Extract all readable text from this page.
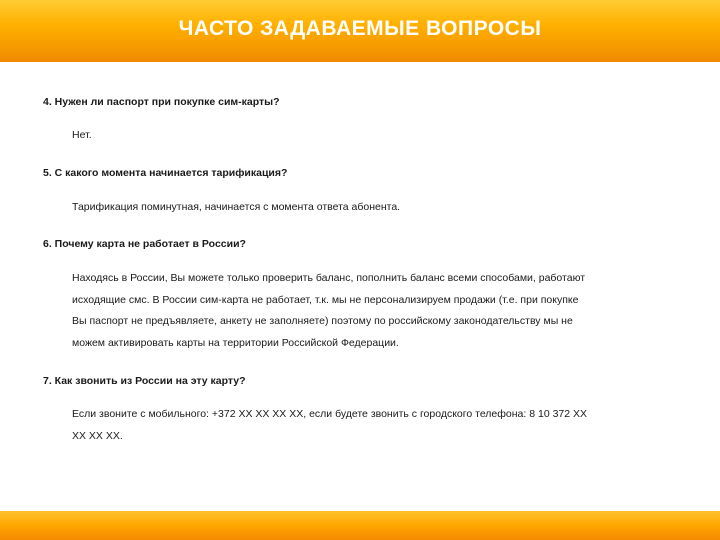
ЧАСТО ЗАДАВАЕМЫЕ ВОПРОСЫ
4. Нужен ли паспорт при покупке сим-карты?
Нет.
5. С какого момента начинается тарификация?
Тарификация поминутная, начинается с момента ответа абонента.
6. Почему карта не работает в России?
Находясь в России, Вы можете только проверить баланс, пополнить баланс всеми способами, работают
исходящие смс. В России сим-карта не работает, т.к. мы не персонализируем продажи (т.е. при покупке
Вы паспорт не предъявляете, анкету не заполняете) поэтому по российскому законодательству мы не
можем активировать карты на территории Российской Федерации.
7. Как звонить из России на эту карту?
Если звоните с мобильного: +372 XX XX XX XX, если будете звонить с городского телефона: 8 10 372 XX
XX XX XX.
